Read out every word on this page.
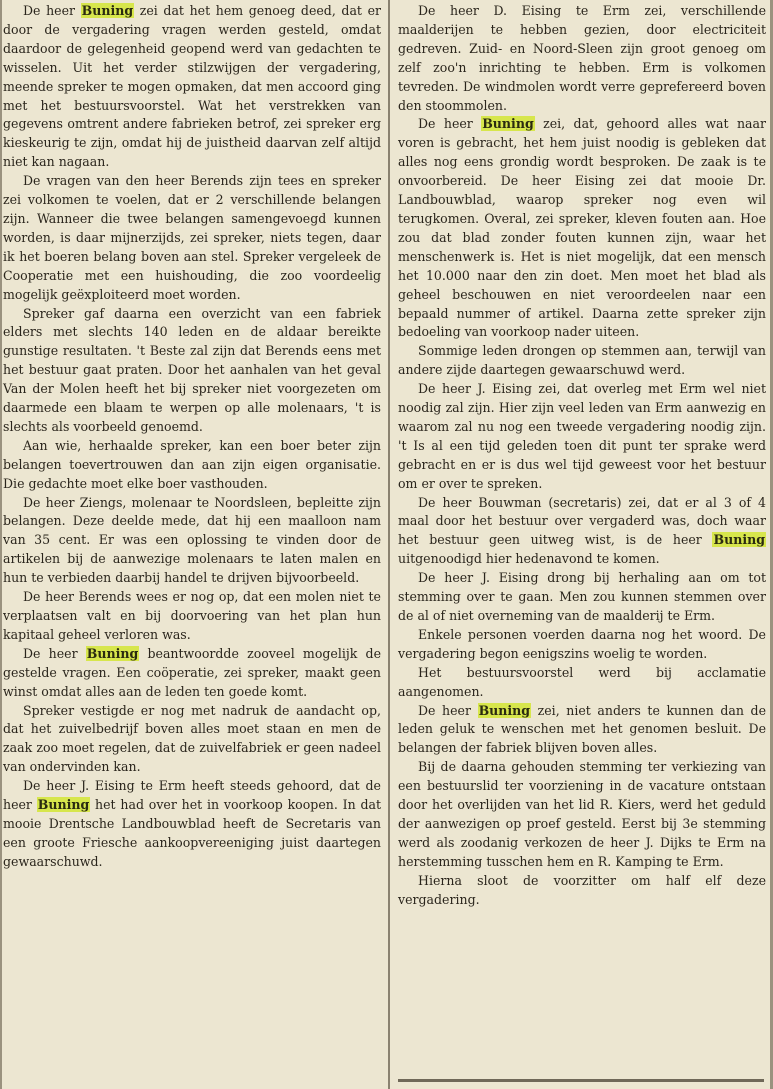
De heer Buning zei dat het hem genoeg deed, dat er door de vergadering vragen werden gesteld, omdat daardoor de gelegenheid geopend werd van gedachten te wisselen. Uit het verder stilzwijgen der vergadering, meende spreker te mogen opmaken, dat men accoord ging met het bestuursvoorstel. Wat het verstrekken van gegevens omtrent andere fabrieken betrof, zei spreker erg kieskeurig te zijn, omdat hij de juistheid daarvan zelf altijd niet kan nagaan.

De vragen van den heer Berends zijn tees en spreker zei volkomen te voelen, dat er 2 verschillende belangen zijn. Wanneer die twee belangen samengevoegd kunnen worden, is daar mijnerzijds, zei spreker, niets tegen, daar ik het boeren belang boven aan stel. Spreker vergeleek de Cooperatie met een huishouding, die zoo voordeelig mogelijk geëxploiteerd moet worden.

Spreker gaf daarna een overzicht van een fabriek elders met slechts 140 leden en de aldaar bereikte gunstige resultaten. 't Beste zal zijn dat Berends eens met het bestuur gaat praten. Door het aanhalen van het geval Van der Molen heeft het bij spreker niet voorgezeten om daarmede een blaam te werpen op alle molenaars, 't is slechts als voorbeeld genoemd.

Aan wie, herhaalde spreker, kan een boer beter zijn belangen toevertrouwen dan aan zijn eigen organisatie. Die gedachte moet elke boer vasthouden.

De heer Ziengs, molenaar te Noordsleen, bepleitte zijn belangen. Deze deelde mede, dat hij een maalloon nam van 35 cent. Er was een oplossing te vinden door de artikelen bij de aanwezige molenaars te laten malen en hun te verbieden daarbij handel te drijven bijvoorbeeld.

De heer Berends wees er nog op, dat een molen niet te verplaatsen valt en bij doorvoering van het plan hun kapitaal geheel verloren was.

De heer Buning beantwoordde zooveel mogelijk de gestelde vragen. Een coöperatie, zei spreker, maakt geen winst omdat alles aan de leden ten goede komt.

Spreker vestigde er nog met nadruk de aandacht op, dat het zuivelbedrijf boven alles moet staan en men de zaak zoo moet regelen, dat de zuivelfabriek er geen nadeel van ondervinden kan.

De heer J. Eising te Erm heeft steeds gehoord, dat de heer Buning het had over het in voorkoop koopen. In dat mooie Drentsche Landbouwblad heeft de Secretaris van een groote Friesche aankoopvereeniging juist daartegen gewaarschuwd.

De heer D. Eising te Erm zei, verschillende maalderijen te hebben gezien, door electriciteit gedreven. Zuid- en Noord-Sleen zijn groot genoeg om zelf zoo'n inrichting te hebben. Erm is volkomen tevreden. De windmolen wordt verre geprefereerd boven den stoommolen.

De heer Buning zei, dat, gehoord alles wat naar voren is gebracht, het hem juist noodig is gebleken dat alles nog eens grondig wordt besproken. De zaak is te onvoorbereid. De heer Eising zei dat mooie Dr. Landbouwblad, waarop spreker nog even wil terugkomen. Overal, zei spreker, kleven fouten aan. Hoe zou dat blad zonder fouten kunnen zijn, waar het menschenwerk is. Het is niet mogelijk, dat een mensch het 10.000 naar den zin doet. Men moet het blad als geheel beschouwen en niet veroordeelen naar een bepaald nummer of artikel. Daarna zette spreker zijn bedoeling van voorkoop nader uiteen.

Sommige leden drongen op stemmen aan, terwijl van andere zijde daartegen gewaarschuwd werd.

De heer J. Eising zei, dat overleg met Erm wel niet noodig zal zijn. Hier zijn veel leden van Erm aanwezig en waarom zal nu nog een tweede vergadering noodig zijn. 't Is al een tijd geleden toen dit punt ter sprake werd gebracht en er is dus wel tijd geweest voor het bestuur om er over te spreken.

De heer Bouwman (secretaris) zei, dat er al 3 of 4 maal door het bestuur over vergaderd was, doch waar het bestuur geen uitweg wist, is de heer Buning uitgenoodigd hier hedenavond te komen.

De heer J. Eising drong bij herhaling aan om tot stemming over te gaan. Men zou kunnen stemmen over de al of niet overneming van de maalderij te Erm.

Enkele personen voerden daarna nog het woord. De vergadering begon eenigszins woelig te worden.

Het bestuursvoorstel werd bij acclamatie aangenomen.

De heer Buning zei, niet anders te kunnen dan de leden geluk te wenschen met het genomen besluit. De belangen der fabriek blijven boven alles.

Bij de daarna gehouden stemming ter verkiezing van een bestuurslid ter voorziening in de vacature ontstaan door het overlijden van het lid R. Kiers, werd het geduld der aanwezigen op proef gesteld. Eerst bij 3e stemming werd als zoodanig verkozen de heer J. Dijks te Erm na herstemming tusschen hem en R. Kamping te Erm.

Hierna sloot de voorzitter om half elf deze vergadering.
